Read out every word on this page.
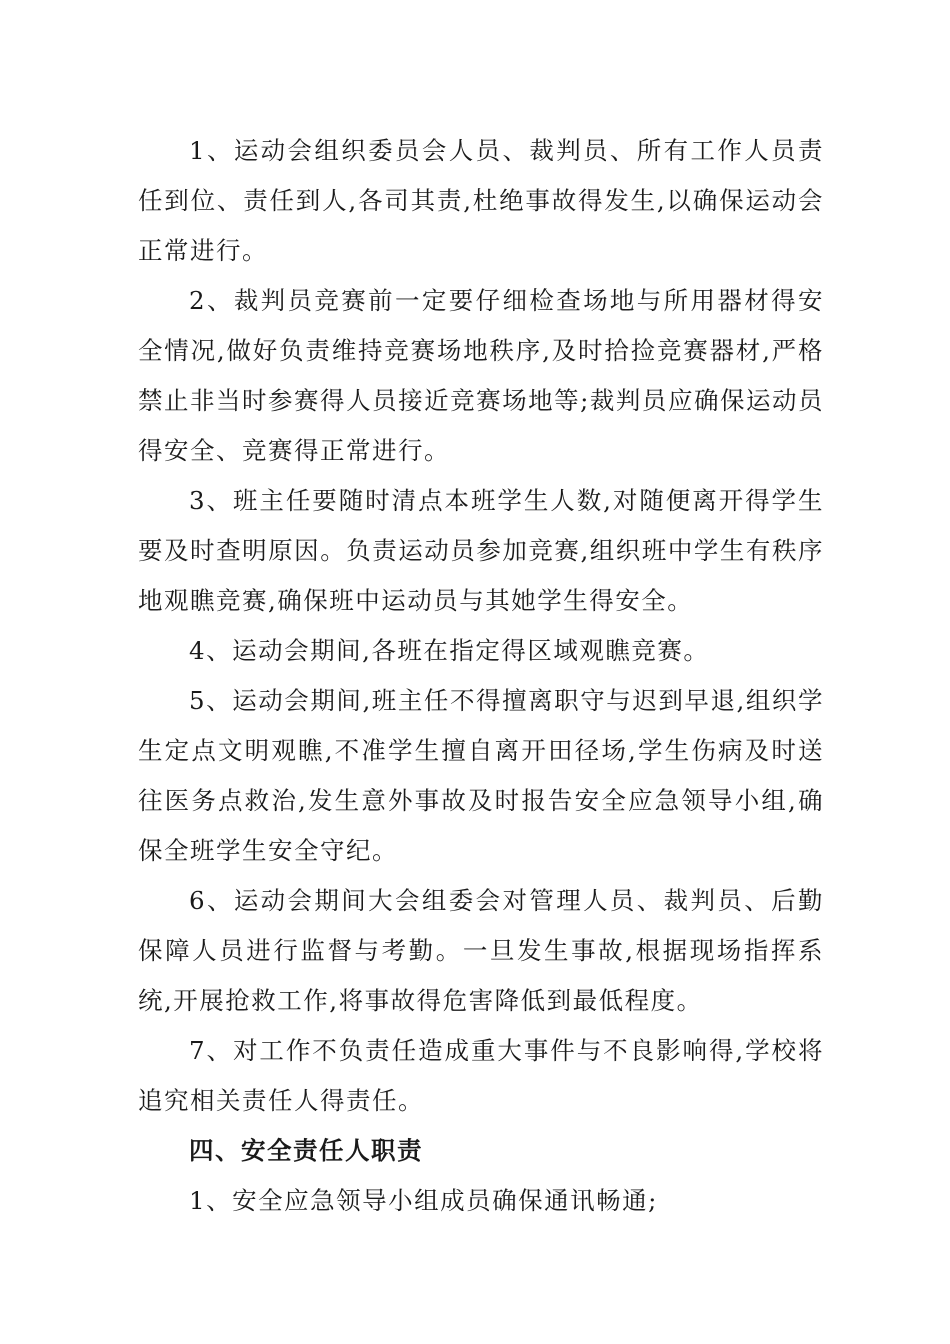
1、运动会组织委员会人员、裁判员、所有工作人员责任到位、责任到人,各司其责,杜绝事故得发生,以确保运动会正常进行。

2、裁判员竞赛前一定要仔细检查场地与所用器材得安全情况,做好负责维持竞赛场地秩序,及时拾捡竞赛器材,严格禁止非当时参赛得人员接近竞赛场地等;裁判员应确保运动员得安全、竞赛得正常进行。

3、班主任要随时清点本班学生人数,对随便离开得学生要及时查明原因。负责运动员参加竞赛,组织班中学生有秩序地观瞧竞赛,确保班中运动员与其她学生得安全。

4、运动会期间,各班在指定得区域观瞧竞赛。

5、运动会期间,班主任不得擅离职守与迟到早退,组织学生定点文明观瞧,不准学生擅自离开田径场,学生伤病及时送往医务点救治,发生意外事故及时报告安全应急领导小组,确保全班学生安全守纪。

6、运动会期间大会组委会对管理人员、裁判员、后勤保障人员进行监督与考勤。一旦发生事故,根据现场指挥系统,开展抢救工作,将事故得危害降低到最低程度。

7、对工作不负责任造成重大事件与不良影响得,学校将追究相关责任人得责任。

四、安全责任人职责

1、安全应急领导小组成员确保通讯畅通;
